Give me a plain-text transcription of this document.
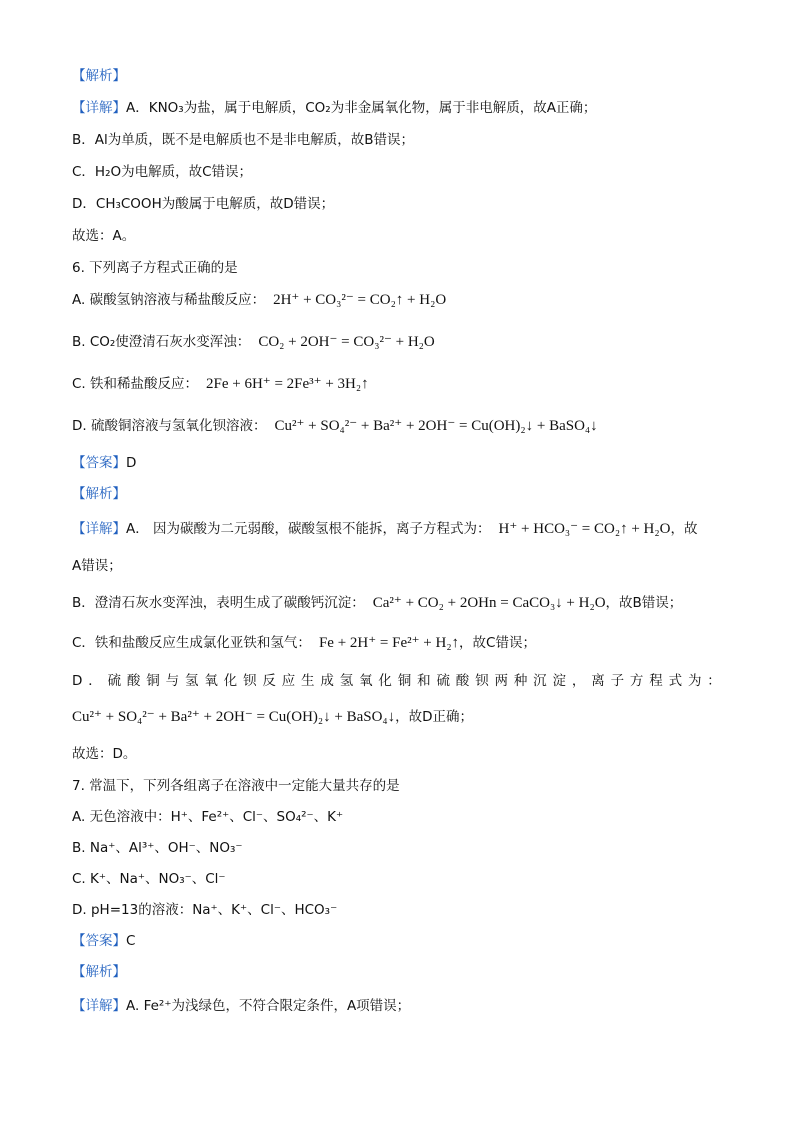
【解析】
【详解】A．KNO₃为盐，属于电解质，CO₂为非金属氧化物，属于非电解质，故A正确；
B．Al为单质，既不是电解质也不是非电解质，故B错误；
C．H₂O为电解质，故C错误；
D．CH₃COOH为酸属于电解质，故D错误；
故选：A。
6. 下列离子方程式正确的是
A. 碳酸氢钠溶液与稀盐酸反应： 2H⁺ + CO₃²⁻ = CO₂↑ + H₂O
B. CO₂使澄清石灰水变浑浊： CO₂ + 2OH⁻ = CO₃²⁻ + H₂O
C. 铁和稀盐酸反应： 2Fe + 6H⁺ = 2Fe³⁺ + 3H₂↑
D. 硫酸铜溶液与氢氧化钡溶液： Cu²⁺ + SO₄²⁻ + Ba²⁺ + 2OH⁻ = Cu(OH)₂↓ + BaSO₄↓
【答案】D
【解析】
【详解】A． 因为碳酸为二元弱酸，碳酸氢根不能拆，离子方程式为： H⁺ + HCO₃⁻ = CO₂↑ + H₂O，故
A错误；
B．澄清石灰水变浑浊，表明生成了碳酸钙沉淀： Ca²⁺ + CO₂ + 2OHn = CaCO₃↓ + H₂O，故B错误；
C．铁和盐酸反应生成氯化亚铁和氢气： Fe + 2H⁺ = Fe²⁺ + H₂↑，故C错误；
D．硫酸铜与氢氧化钡反应生成氢氧化铜和硫酸钡两种沉淀，离子方程式为：
Cu²⁺ + SO₄²⁻ + Ba²⁺ + 2OH⁻ = Cu(OH)₂↓ + BaSO₄↓，故D正确；
故选：D。
7. 常温下，下列各组离子在溶液中一定能大量共存的是
A. 无色溶液中：H⁺、Fe²⁺、Cl⁻、SO₄²⁻、K⁺
B. Na⁺、Al³⁺、OH⁻、NO₃⁻
C. K⁺、Na⁺、NO₃⁻、Cl⁻
D. pH=13的溶液：Na⁺、K⁺、Cl⁻、HCO₃⁻
【答案】C
【解析】
【详解】A. Fe²⁺为浅绿色，不符合限定条件，A项错误；
